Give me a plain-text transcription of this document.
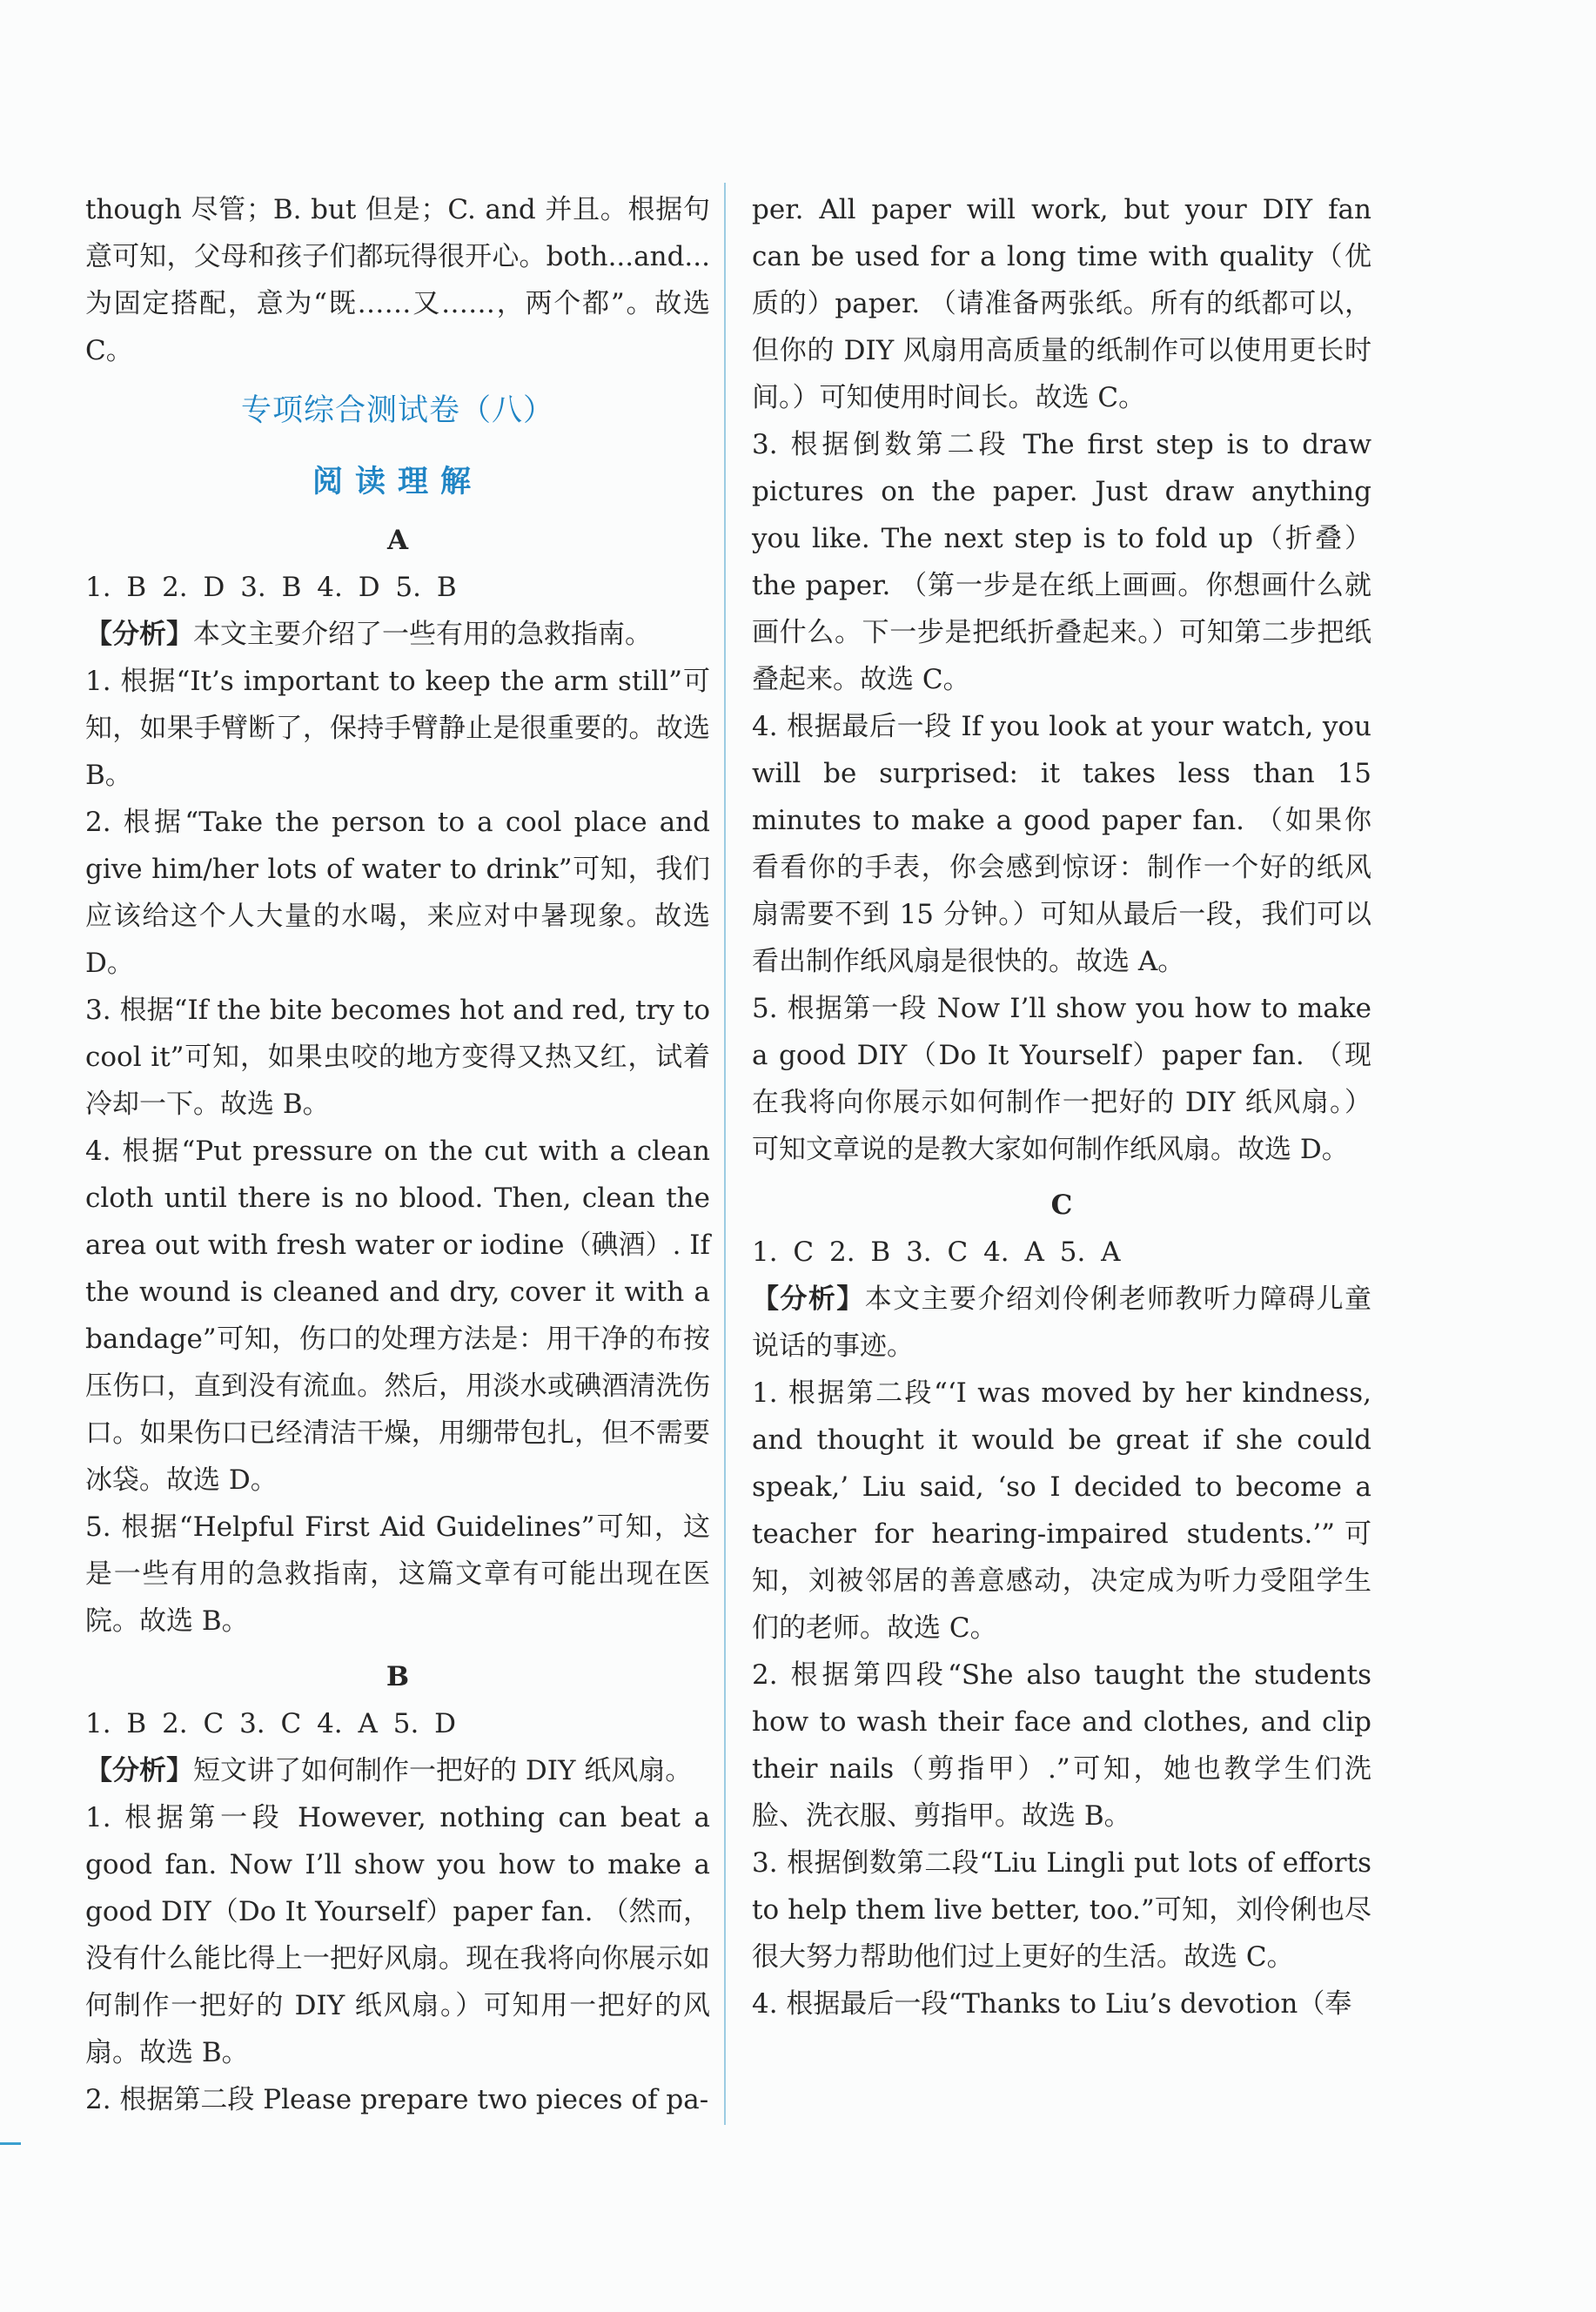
though 尽管；B. but 但是；C. and 并且。根据句意可知，父母和孩子们都玩得很开心。both...and...为固定搭配，意为“既……又……，两个都”。故选 C。

专项综合测试卷（八）
阅读理解
A

1. B 2. D 3. B 4. D 5. B

【分析】本文主要介绍了一些有用的急救指南。

1. 根据“It’s important to keep the arm still”可知，如果手臂断了，保持手臂静止是很重要的。故选 B。

2. 根据“Take the person to a cool place and give him/her lots of water to drink”可知，我们应该给这个人大量的水喝，来应对中暑现象。故选 D。

3. 根据“If the bite becomes hot and red, try to cool it”可知，如果虫咬的地方变得又热又红，试着冷却一下。故选 B。

4. 根据“Put pressure on the cut with a clean cloth until there is no blood. Then, clean the area out with fresh water or iodine（碘酒）. If the wound is cleaned and dry, cover it with a bandage”可知，伤口的处理方法是：用干净的布按压伤口，直到没有流血。然后，用淡水或碘酒清洗伤口。如果伤口已经清洁干燥，用绷带包扎，但不需要冰袋。故选 D。

5. 根据“Helpful First Aid Guidelines”可知，这是一些有用的急救指南，这篇文章有可能出现在医院。故选 B。

B

1. B 2. C 3. C 4. A 5. D

【分析】短文讲了如何制作一把好的 DIY 纸风扇。

1. 根据第一段 However, nothing can beat a good fan. Now I’ll show you how to make a good DIY（Do It Yourself）paper fan. （然而，没有什么能比得上一把好风扇。现在我将向你展示如何制作一把好的 DIY 纸风扇。）可知用一把好的风扇。故选 B。

2. 根据第二段 Please prepare two pieces of pa-

per. All paper will work, but your DIY fan can be used for a long time with quality（优质的）paper. （请准备两张纸。所有的纸都可以，但你的 DIY 风扇用高质量的纸制作可以使用更长时间。）可知使用时间长。故选 C。

3. 根据倒数第二段 The first step is to draw pictures on the paper. Just draw anything you like. The next step is to fold up（折叠）the paper. （第一步是在纸上画画。你想画什么就画什么。下一步是把纸折叠起来。）可知第二步把纸叠起来。故选 C。

4. 根据最后一段 If you look at your watch, you will be surprised: it takes less than 15 minutes to make a good paper fan. （如果你看看你的手表，你会感到惊讶：制作一个好的纸风扇需要不到 15 分钟。）可知从最后一段，我们可以看出制作纸风扇是很快的。故选 A。

5. 根据第一段 Now I’ll show you how to make a good DIY（Do It Yourself）paper fan. （现在我将向你展示如何制作一把好的 DIY 纸风扇。）可知文章说的是教大家如何制作纸风扇。故选 D。

C

1. C 2. B 3. C 4. A 5. A

【分析】本文主要介绍刘伶俐老师教听力障碍儿童说话的事迹。

1. 根据第二段“‘I was moved by her kindness, and thought it would be great if she could speak,’ Liu said, ‘so I decided to become a teacher for hearing-impaired students.’”可知，刘被邻居的善意感动，决定成为听力受阻学生们的老师。故选 C。

2. 根据第四段“She also taught the students how to wash their face and clothes, and clip their nails（剪指甲）.”可知，她也教学生们洗脸、洗衣服、剪指甲。故选 B。

3. 根据倒数第二段“Liu Lingli put lots of efforts to help them live better, too.”可知，刘伶俐也尽很大努力帮助他们过上更好的生活。故选 C。

4. 根据最后一段“Thanks to Liu’s devotion（奉
